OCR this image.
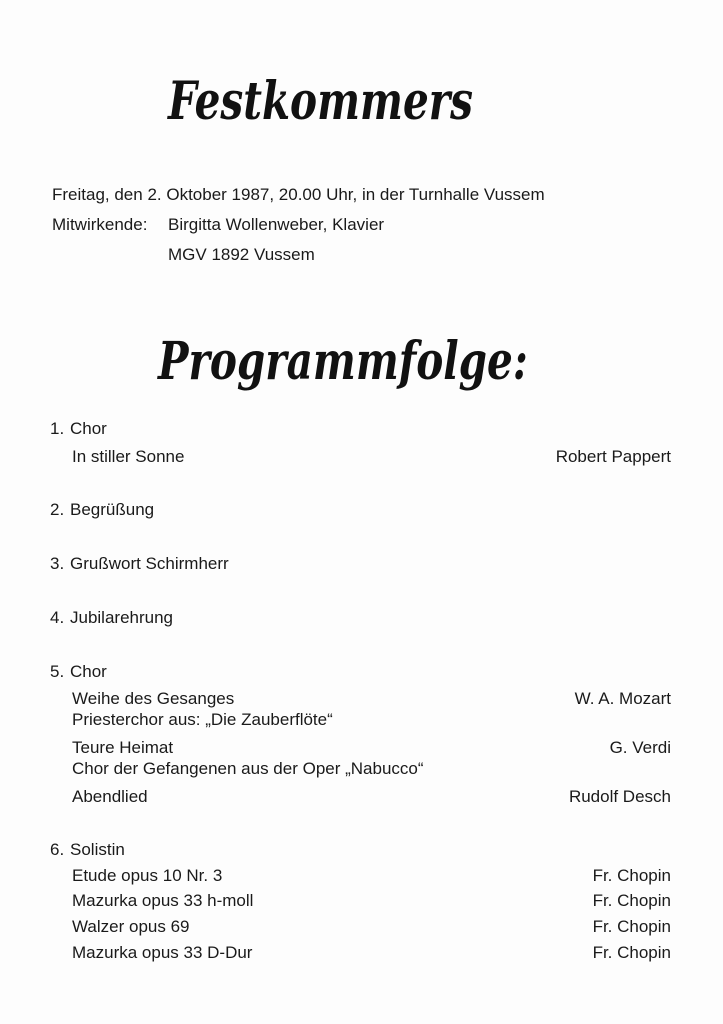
Festkommers
Freitag, den 2. Oktober 1987, 20.00 Uhr, in der Turnhalle Vussem
Mitwirkende: Birgitta Wollenweber, Klavier
MGV 1892 Vussem
Programmfolge:
1. Chor
In stiller Sonne	Robert Pappert
2. Begrüßung
3. Grußwort Schirmherr
4. Jubilarehrung
5. Chor
Weihe des Gesanges	W. A. Mozart
Priesterchor aus: „Die Zauberflöte“
Teure Heimat	G. Verdi
Chor der Gefangenen aus der Oper „Nabucco“
Abendlied	Rudolf Desch
6. Solistin
Etude opus 10 Nr. 3	Fr. Chopin
Mazurka opus 33 h-moll	Fr. Chopin
Walzer opus 69	Fr. Chopin
Mazurka opus 33 D-Dur	Fr. Chopin
